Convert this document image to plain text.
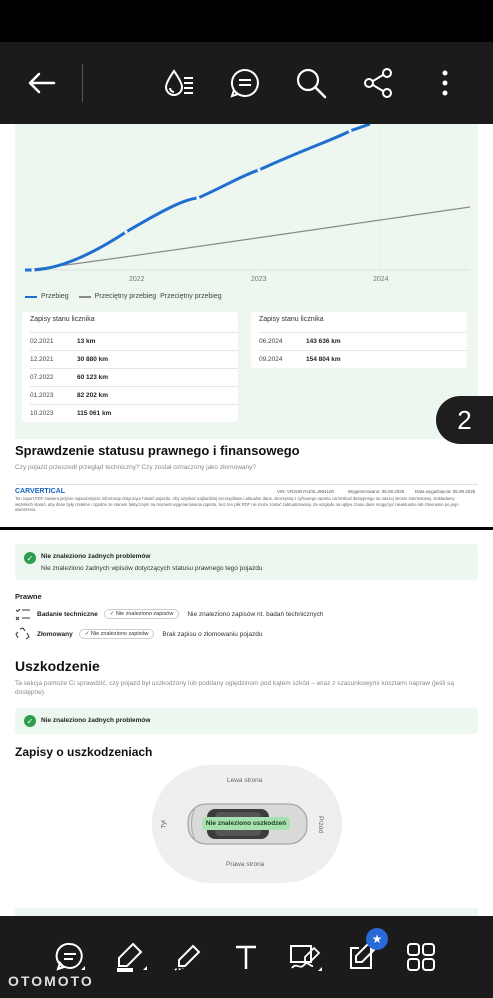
2022	2023	2024
Przebieg	Przeciętny przebieg Przeciętny przebieg
Zapisy stanu licznika
02.2021	13 km
12.2021	30 880 km
07.2022	60 123 km
01.2023	82 202 km
10.2023	115 061 km
Zapisy stanu licznika
06.2024	143 636 km
09.2024	154 804 km
Sprawdzenie statusu prawnego i finansowego
Czy pojazd przeszedł przegląd techniczny? Czy został oznaczony jako złomowany?
CARVERTICAL	VIN: VR3UDYHZSLJ964100	Wygenerowano: 06.08.2025 Data wygaśnięcia: 05.09.2025
Ten raport PDF zawiera jedynie najważniejsze informacje dotyczące historii pojazdu. Aby uzyskać najbardziej szczegółowe i aktualne dane, skorzystaj z cyfrowego raportu carVertical dostępnego na naszej stronie internetowej. Dokładamy wszelkich starań, aby dane były rzetelne i zgodne ze stanem faktycznym na moment wygenerowania raportu, lecz ten plik PDF nie może zostać zaktualizowany. Ze względu na upływ czasu dane mogą być nieaktualne lub zmienione po jego utworzeniu.
2
✓	Nie znaleziono żadnych problemów
Nie znaleziono żadnych wpisów dotyczących statusu prawnego tego pojazdu
Prawne
Badanie techniczne	✓ Nie znaleziono zapisów	Nie znaleziono zapisów nt. badań technicznych
Złomowany	✓ Nie znaleziono zapisów	Brak zapisu o złomowaniu pojazdu
Uszkodzenie
Ta sekcja pomoże Ci sprawdzić, czy pojazd był uszkodzony lub poddany oględzinom pod kątem szkód – wraz z szacunkowymi kosztami napraw (jeśli są dostępne).
✓	Nie znaleziono żadnych problemów
Zapisy o uszkodzeniach
Lewa strona
Prawa strona
Tył	Przód
Nie znaleziono uszkodzeń
★
OTOMOTO
